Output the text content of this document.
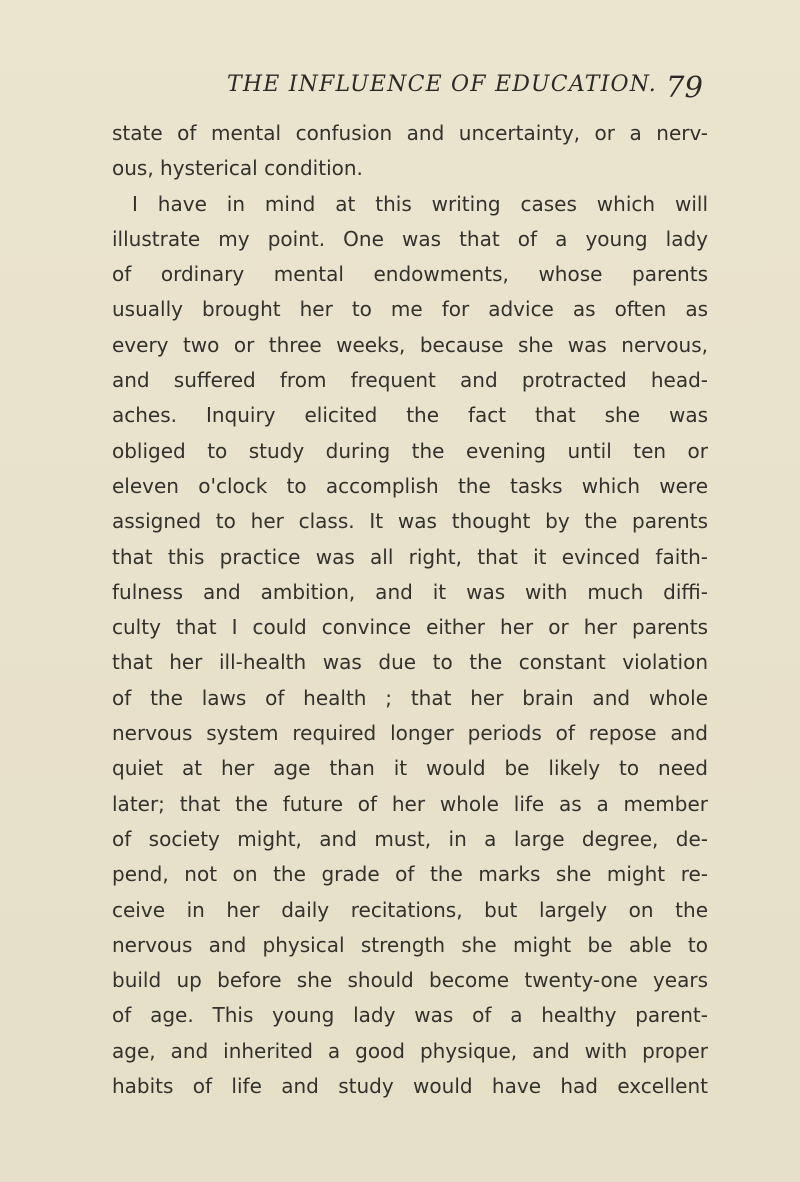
THE INFLUENCE OF EDUCATION. 79
state of mental confusion and uncertainty, or a nerv-
ous, hysterical condition.
I have in mind at this writing cases which will
illustrate my point. One was that of a young lady
of ordinary mental endowments, whose parents
usually brought her to me for advice as often as
every two or three weeks, because she was nervous,
and suffered from frequent and protracted head-
aches. Inquiry elicited the fact that she was
obliged to study during the evening until ten or
eleven o'clock to accomplish the tasks which were
assigned to her class. It was thought by the parents
that this practice was all right, that it evinced faith-
fulness and ambition, and it was with much diffi-
culty that I could convince either her or her parents
that her ill-health was due to the constant violation
of the laws of health ; that her brain and whole
nervous system required longer periods of repose and
quiet at her age than it would be likely to need
later; that the future of her whole life as a member
of society might, and must, in a large degree, de-
pend, not on the grade of the marks she might re-
ceive in her daily recitations, but largely on the
nervous and physical strength she might be able to
build up before she should become twenty-one years
of age. This young lady was of a healthy parent-
age, and inherited a good physique, and with proper
habits of life and study would have had excellent
